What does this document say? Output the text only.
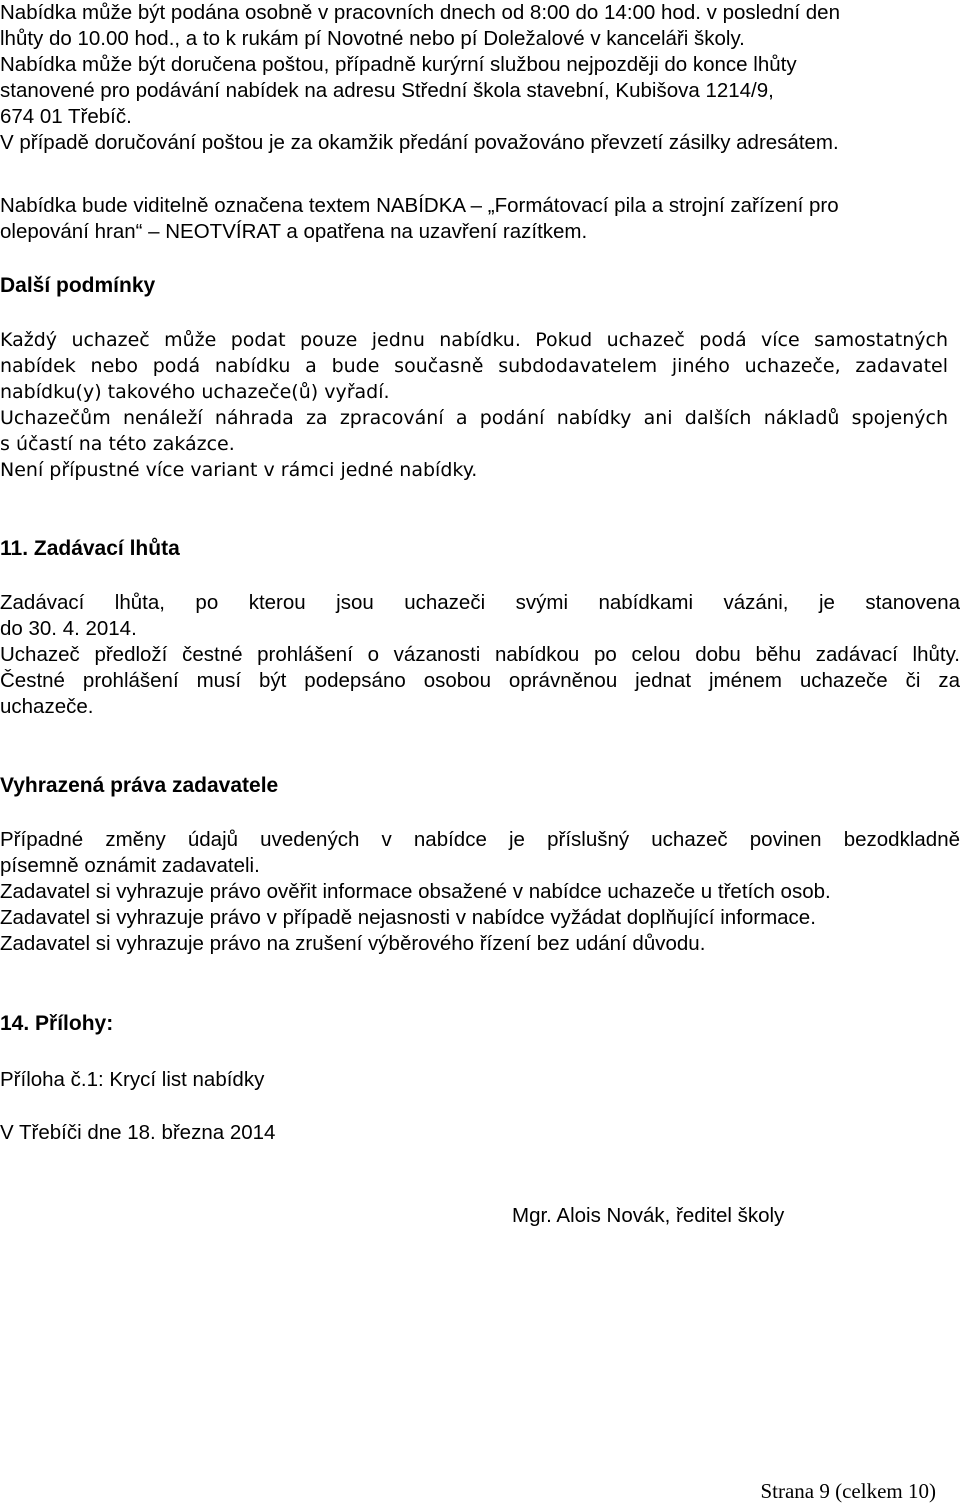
Nabídka může být podána osobně v pracovních dnech od 8:00 do 14:00 hod. v poslední den
lhůty do 10.00 hod., a to k rukám pí Novotné nebo pí Doležalové v kanceláři školy.
Nabídka může být doručena poštou, případně kurýrní službou nejpozději do konce lhůty
stanovené pro podávání nabídek na adresu Střední škola stavební, Kubišova 1214/9,
674 01 Třebíč.
V případě doručování poštou je za okamžik předání považováno převzetí zásilky adresátem.
Nabídka bude viditelně označena textem NABÍDKA – „Formátovací pila a strojní zařízení pro
olepování hran“ – NEOTVÍRAT a opatřena na uzavření razítkem.
Další podmínky
Každý uchazeč může podat pouze jednu nabídku. Pokud uchazeč podá více samostatných
nabídek nebo podá nabídku a bude současně subdodavatelem jiného uchazeče, zadavatel
nabídku(y) takového uchazeče(ů) vyřadí.
Uchazečům nenáleží náhrada za zpracování a podání nabídky ani dalších nákladů spojených
s účastí na této zakázce.
Není přípustné více variant v rámci jedné nabídky.
11. Zadávací lhůta
Zadávací lhůta, po kterou jsou uchazeči svými nabídkami vázáni, je stanovena
do 30. 4. 2014.
Uchazeč předloží čestné prohlášení o vázanosti nabídkou po celou dobu běhu zadávací lhůty.
Čestné prohlášení musí být podepsáno osobou oprávněnou jednat jménem uchazeče či za
uchazeče.
Vyhrazená práva zadavatele
Případné změny údajů uvedených v nabídce je příslušný uchazeč povinen bezodkladně
písemně oznámit zadavateli.
Zadavatel si vyhrazuje právo ověřit informace obsažené v nabídce uchazeče u třetích osob.
Zadavatel si vyhrazuje právo v případě nejasnosti v nabídce vyžádat doplňující informace.
Zadavatel si vyhrazuje právo na zrušení výběrového řízení bez udání důvodu.
14. Přílohy:
Příloha č.1: Krycí list nabídky
V Třebíči dne 18. března 2014
Mgr. Alois Novák, ředitel školy
Strana 9 (celkem 10)
